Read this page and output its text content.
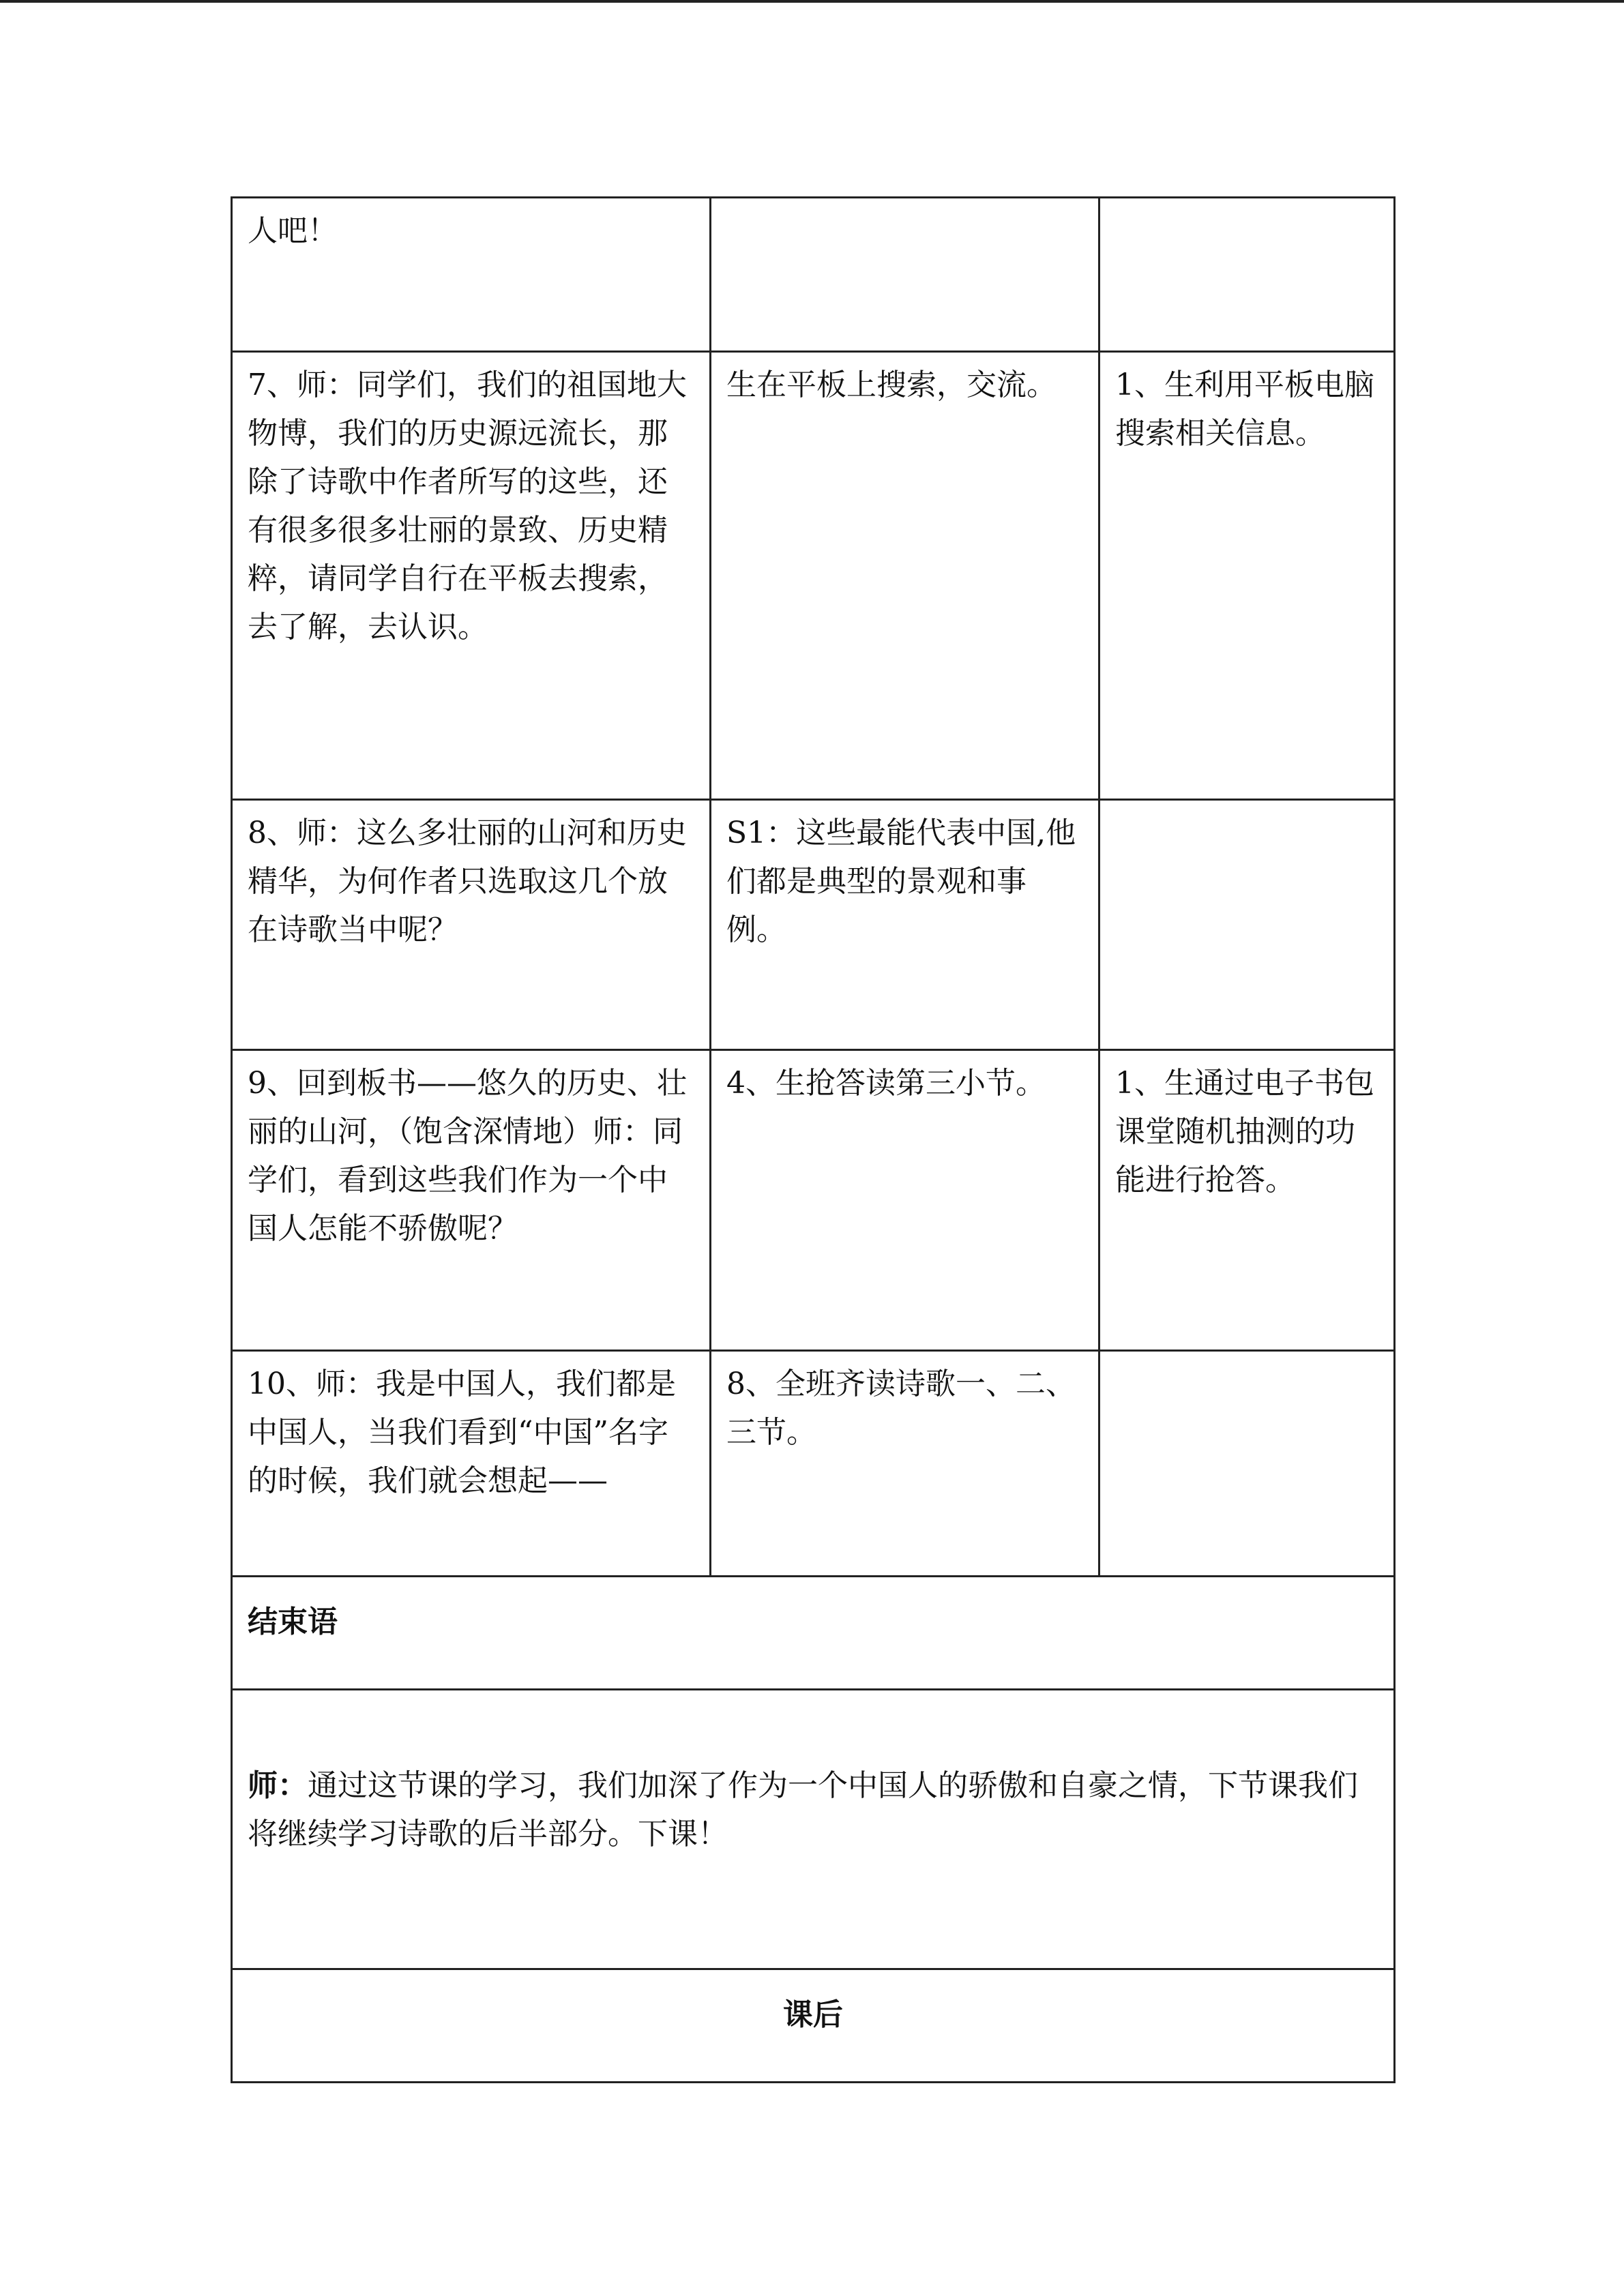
人吧！		
7、师：同学们，我们的祖国地大物博，我们的历史源远流长，那除了诗歌中作者所写的这些，还有很多很多壮丽的景致、历史精粹，请同学自行在平板去搜索，去了解，去认识。	生在平板上搜索，交流。	1、生利用平板电脑搜索相关信息。
8、师：这么多壮丽的山河和历史精华，为何作者只选取这几个放在诗歌当中呢？	S1：这些最能代表中国,他们都是典型的景观和事例。	
9、回到板书——悠久的历史、壮丽的山河，（饱含深情地）师：同学们，看到这些我们作为一个中国人怎能不骄傲呢？	4、生抢答读第三小节。	1、生通过电子书包课堂随机抽测的功能进行抢答。
10、师：我是中国人，我们都是中国人，当我们看到“中国”名字的时候，我们就会想起——	8、全班齐读诗歌一、二、三节。	
结束语		
师：通过这节课的学习，我们加深了作为一个中国人的骄傲和自豪之情，下节课我们将继续学习诗歌的后半部分。下课！		
课后		
